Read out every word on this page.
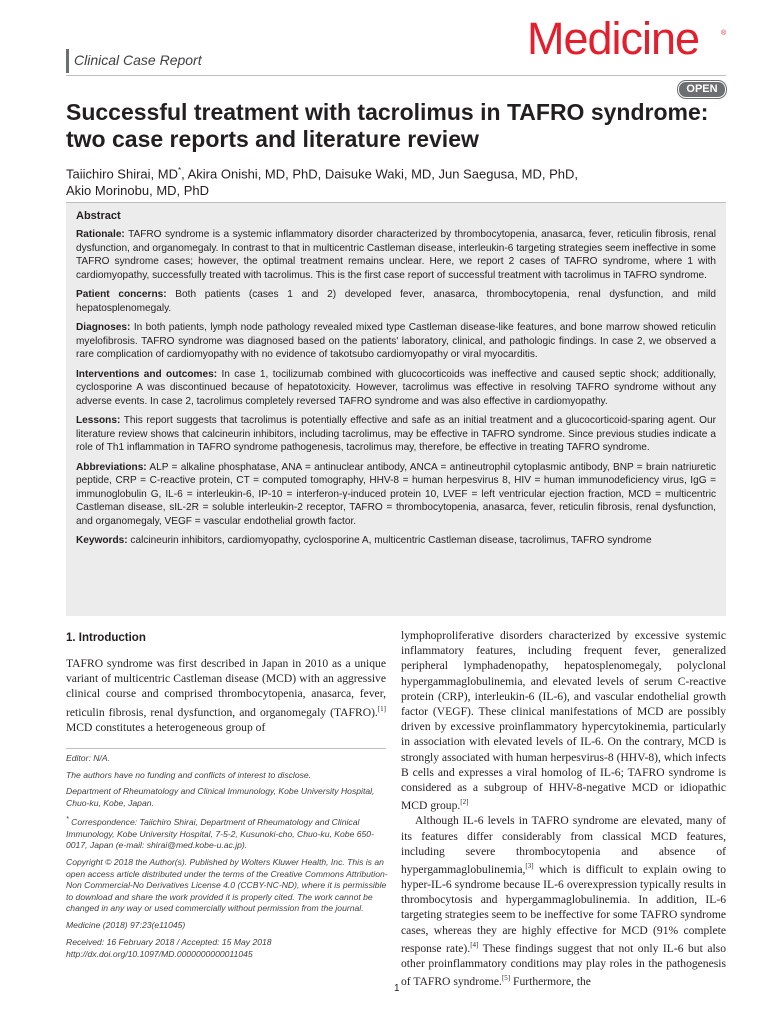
Clinical Case Report	Medicine	®
OPEN
Successful treatment with tacrolimus in TAFRO syndrome: two case reports and literature review
Taiichiro Shirai, MD*, Akira Onishi, MD, PhD, Daisuke Waki, MD, Jun Saegusa, MD, PhD,
Akio Morinobu, MD, PhD

Abstract

Rationale: TAFRO syndrome is a systemic inflammatory disorder characterized by thrombocytopenia, anasarca, fever, reticulin fibrosis, renal dysfunction, and organomegaly. In contrast to that in multicentric Castleman disease, interleukin-6 targeting strategies seem ineffective in some TAFRO syndrome cases; however, the optimal treatment remains unclear. Here, we report 2 cases of TAFRO syndrome, where 1 with cardiomyopathy, successfully treated with tacrolimus. This is the first case report of successful treatment with tacrolimus in TAFRO syndrome.

Patient concerns: Both patients (cases 1 and 2) developed fever, anasarca, thrombocytopenia, renal dysfunction, and mild hepatosplenomegaly.

Diagnoses: In both patients, lymph node pathology revealed mixed type Castleman disease-like features, and bone marrow showed reticulin myelofibrosis. TAFRO syndrome was diagnosed based on the patients' laboratory, clinical, and pathologic findings. In case 2, we observed a rare complication of cardiomyopathy with no evidence of takotsubo cardiomyopathy or viral myocarditis.

Interventions and outcomes: In case 1, tocilizumab combined with glucocorticoids was ineffective and caused septic shock; additionally, cyclosporine A was discontinued because of hepatotoxicity. However, tacrolimus was effective in resolving TAFRO syndrome without any adverse events. In case 2, tacrolimus completely reversed TAFRO syndrome and was also effective in cardiomyopathy.

Lessons: This report suggests that tacrolimus is potentially effective and safe as an initial treatment and a glucocorticoid-sparing agent. Our literature review shows that calcineurin inhibitors, including tacrolimus, may be effective in TAFRO syndrome. Since previous studies indicate a role of Th1 inflammation in TAFRO syndrome pathogenesis, tacrolimus may, therefore, be effective in treating TAFRO syndrome.

Abbreviations: ALP = alkaline phosphatase, ANA = antinuclear antibody, ANCA = antineutrophil cytoplasmic antibody, BNP = brain natriuretic peptide, CRP = C-reactive protein, CT = computed tomography, HHV-8 = human herpesvirus 8, HIV = human immunodeficiency virus, IgG = immunoglobulin G, IL-6 = interleukin-6, IP-10 = interferon-γ-induced protein 10, LVEF = left ventricular ejection fraction, MCD = multicentric Castleman disease, sIL-2R = soluble interleukin-2 receptor, TAFRO = thrombocytopenia, anasarca, fever, reticulin fibrosis, renal dysfunction, and organomegaly, VEGF = vascular endothelial growth factor.

Keywords: calcineurin inhibitors, cardiomyopathy, cyclosporine A, multicentric Castleman disease, tacrolimus, TAFRO syndrome

1. Introduction

TAFRO syndrome was first described in Japan in 2010 as a unique variant of multicentric Castleman disease (MCD) with an aggressive clinical course and comprised thrombocytopenia, anasarca, fever, reticulin fibrosis, renal dysfunction, and organomegaly (TAFRO).[1] MCD constitutes a heterogeneous group of

lymphoproliferative disorders characterized by excessive systemic inflammatory features, including frequent fever, generalized peripheral lymphadenopathy, hepatosplenomegaly, polyclonal hypergammaglobulinemia, and elevated levels of serum C-reactive protein (CRP), interleukin-6 (IL-6), and vascular endothelial growth factor (VEGF). These clinical manifestations of MCD are possibly driven by excessive proinflammatory hypercytokinemia, particularly in association with elevated levels of IL-6. On the contrary, MCD is strongly associated with human herpesvirus-8 (HHV-8), which infects B cells and expresses a viral homolog of IL-6; TAFRO syndrome is considered as a subgroup of HHV-8-negative MCD or idiopathic MCD group.[2]

Although IL-6 levels in TAFRO syndrome are elevated, many of its features differ considerably from classical MCD features, including severe thrombocytopenia and absence of hypergammaglobulinemia,[3] which is difficult to explain owing to hyper-IL-6 syndrome because IL-6 overexpression typically results in thrombocytosis and hypergammaglobulinemia. In addition, IL-6 targeting strategies seem to be ineffective for some TAFRO syndrome cases, whereas they are highly effective for MCD (91% complete response rate).[4] These findings suggest that not only IL-6 but also other proinflammatory conditions may play roles in the pathogenesis of TAFRO syndrome.[5] Furthermore, the

Editor: N/A.

The authors have no funding and conflicts of interest to disclose.

Department of Rheumatology and Clinical Immunology, Kobe University Hospital, Chuo-ku, Kobe, Japan.

* Correspondence: Taiichiro Shirai, Department of Rheumatology and Clinical Immunology, Kobe University Hospital, 7-5-2, Kusunoki-cho, Chuo-ku, Kobe 650-0017, Japan (e-mail: shirai@med.kobe-u.ac.jp).

Copyright © 2018 the Author(s). Published by Wolters Kluwer Health, Inc. This is an open access article distributed under the terms of the Creative Commons Attribution-Non Commercial-No Derivatives License 4.0 (CCBY-NC-ND), where it is permissible to download and share the work provided it is properly cited. The work cannot be changed in any way or used commercially without permission from the journal.

Medicine (2018) 97:23(e11045)

Received: 16 February 2018 / Accepted: 15 May 2018

http://dx.doi.org/10.1097/MD.0000000000011045

1
